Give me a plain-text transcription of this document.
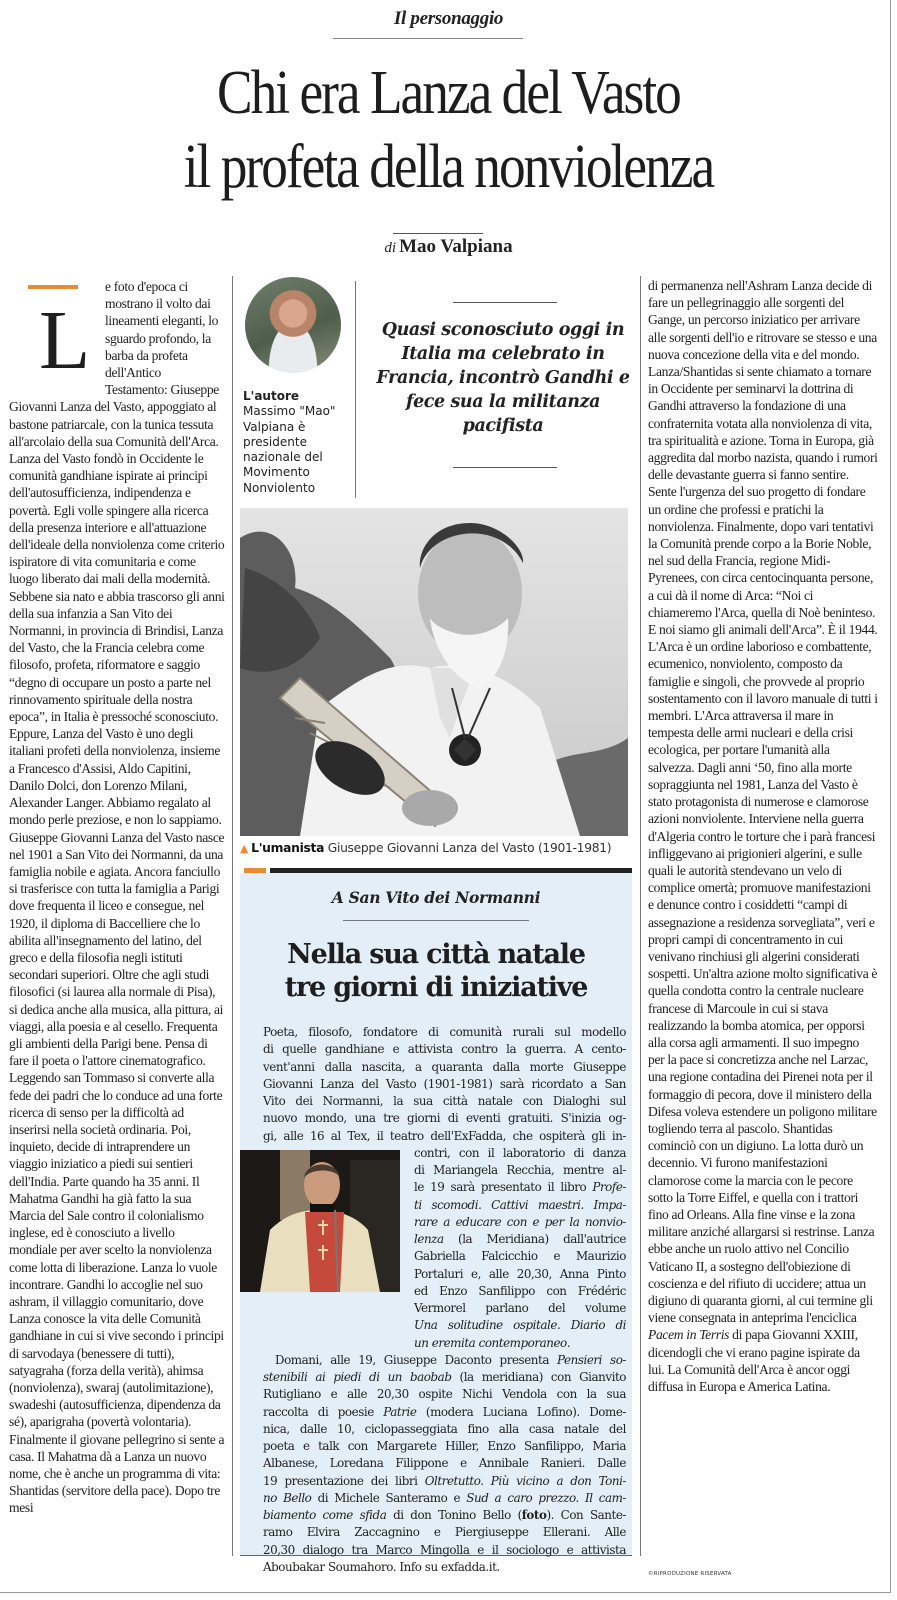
Il personaggio
Chi era Lanza del Vasto
il profeta della nonviolenza
di Mao Valpiana
L

e foto d'epoca ci mostrano il volto dai lineamenti eleganti, lo sguardo profondo, la barba da profeta dell'Antico Testamento: Giuseppe Giovanni Lanza del Vasto, appoggiato al bastone patriarcale, con la tunica tessuta all'arcolaio della sua Comunità dell'Arca. Lanza del Vasto fondò in Occidente le comunità gandhiane ispirate ai principi dell'autosufficienza, indipendenza e povertà. Egli volle spingere alla ricerca della presenza interiore e all'attuazione dell'ideale della nonviolenza come criterio ispiratore di vita comunitaria e come luogo liberato dai mali della modernità. Sebbene sia nato e abbia trascorso gli anni della sua infanzia a San Vito dei Normanni, in provincia di Brindisi, Lanza del Vasto, che la Francia celebra come filosofo, profeta, riformatore e saggio “degno di occupare un posto a parte nel rinnovamento spirituale della nostra epoca”, in Italia è pressoché sconosciuto. Eppure, Lanza del Vasto è uno degli italiani profeti della nonviolenza, insieme a Francesco d'Assisi, Aldo Capitini, Danilo Dolci, don Lorenzo Milani, Alexander Langer. Abbiamo regalato al mondo perle preziose, e non lo sappiamo. Giuseppe Giovanni Lanza del Vasto nasce nel 1901 a San Vito dei Normanni, da una famiglia nobile e agiata. Ancora fanciullo si trasferisce con tutta la famiglia a Parigi dove frequenta il liceo e consegue, nel 1920, il diploma di Baccelliere che lo abilita all'insegnamento del latino, del greco e della filosofia negli istituti secondari superiori. Oltre che agli studi filosofici (si laurea alla normale di Pisa), si dedica anche alla musica, alla pittura, ai viaggi, alla poesia e al cesello. Frequenta gli ambienti della Parigi bene. Pensa di fare il poeta o l'attore cinematografico. Leggendo san Tommaso si converte alla fede dei padri che lo conduce ad una forte ricerca di senso per la difficoltà ad inserirsi nella società ordinaria. Poi, inquieto, decide di intraprendere un viaggio iniziatico a piedi sui sentieri dell'India. Parte quando ha 35 anni. Il Mahatma Gandhi ha già fatto la sua Marcia del Sale contro il colonialismo inglese, ed è conosciuto a livello mondiale per aver scelto la nonviolenza come lotta di liberazione. Lanza lo vuole incontrare. Gandhi lo accoglie nel suo ashram, il villaggio comunitario, dove Lanza conosce la vita delle Comunità gandhiane in cui si vive secondo i principi di sarvodaya (benessere di tutti), satyagraha (forza della verità), ahimsa (nonviolenza), swaraj (autolimitazione), swadeshi (autosufficienza, dipendenza da sé), aparigraha (povertà volontaria). Finalmente il giovane pellegrino si sente a casa. Il Mahatma dà a Lanza un nuovo nome, che è anche un programma di vita: Shantidas (servitore della pace). Dopo tre mesi

L'autore
Massimo "Mao" Valpiana è presidente nazionale del Movimento Nonviolento
Quasi sconosciuto oggi in Italia ma celebrato in Francia, incontrò Gandhi e fece sua la militanza pacifista
▲ L'umanista Giuseppe Giovanni Lanza del Vasto (1901-1981)

di permanenza nell'Ashram Lanza decide di fare un pellegrinaggio alle sorgenti del Gange, un percorso iniziatico per arrivare alle sorgenti dell'io e ritrovare se stesso e una nuova concezione della vita e del mondo. Lanza/Shantidas si sente chiamato a tornare in Occidente per seminarvi la dottrina di Gandhi attraverso la fondazione di una confraternita votata alla nonviolenza di vita, tra spiritualità e azione. Torna in Europa, già aggredita dal morbo nazista, quando i rumori delle devastante guerra si fanno sentire. Sente l'urgenza del suo progetto di fondare un ordine che professi e pratichi la nonviolenza. Finalmente, dopo vari tentativi la Comunità prende corpo a la Borie Noble, nel sud della Francia, regione Midi-Pyrenees, con circa centocinquanta persone, a cui dà il nome di Arca: “Noi ci chiameremo l'Arca, quella di Noè beninteso. E noi siamo gli animali dell'Arca”. È il 1944. L'Arca è un ordine laborioso e combattente, ecumenico, nonviolento, composto da famiglie e singoli, che provvede al proprio sostentamento con il lavoro manuale di tutti i membri. L'Arca attraversa il mare in tempesta delle armi nucleari e della crisi ecologica, per portare l'umanità alla salvezza. Dagli anni ‘50, fino alla morte sopraggiunta nel 1981, Lanza del Vasto è stato protagonista di numerose e clamorose azioni nonviolente. Interviene nella guerra d'Algeria contro le torture che i parà francesi infliggevano ai prigionieri algerini, e sulle quali le autorità stendevano un velo di complice omertà; promuove manifestazioni e denunce contro i cosiddetti “campi di assegnazione a residenza sorvegliata”, veri e propri campi di concentramento in cui venivano rinchiusi gli algerini considerati sospetti. Un'altra azione molto significativa è quella condotta contro la centrale nucleare francese di Marcoule in cui si stava realizzando la bomba atomica, per opporsi alla corsa agli armamenti. Il suo impegno per la pace si concretizza anche nel Larzac, una regione contadina dei Pirenei nota per il formaggio di pecora, dove il ministero della Difesa voleva estendere un poligono militare togliendo terra al pascolo. Shantidas cominciò con un digiuno. La lotta durò un decennio. Vi furono manifestazioni clamorose come la marcia con le pecore sotto la Torre Eiffel, e quella con i trattori fino ad Orleans. Alla fine vinse e la zona militare anziché allargarsi si restrinse. Lanza ebbe anche un ruolo attivo nel Concilio Vaticano II, a sostegno dell'obiezione di coscienza e del rifiuto di uccidere; attua un digiuno di quaranta giorni, al cui termine gli viene consegnata in anteprima l'enciclica Pacem in Terris di papa Giovanni XXIII, dicendogli che vi erano pagine ispirate da lui. La Comunità dell'Arca è ancor oggi diffusa in Europa e America Latina.

©RIPRODUZIONE RISERVATA
A San Vito dei Normanni
Nella sua città natale
tre giorni di iniziative
Poeta, filosofo, fondatore di comunità rurali sul modello
di quelle gandhiane e attivista contro la guerra. A cento-
vent'anni dalla nascita, a quaranta dalla morte Giuseppe
Giovanni Lanza del Vasto (1901-1981) sarà ricordato a San
Vito dei Normanni, la sua città natale con Dialoghi sul
nuovo mondo, una tre giorni di eventi gratuiti. S'inizia og-
gi, alle 16 al Tex, il teatro dell'ExFadda, che ospiterà gli in-
contri, con il laboratorio di danza
di Mariangela Recchia, mentre al-
le 19 sarà presentato il libro Profe-
ti scomodi. Cattivi maestri. Impa-
rare a educare con e per la nonvio-
lenza (la Meridiana) dall'autrice
Gabriella Falcicchio e Maurizio
Portaluri e, alle 20,30, Anna Pinto
ed Enzo Sanfilippo con Frédéric
Vermorel parlano del volume
Una solitudine ospitale. Diario di
un eremita contemporaneo.
Domani, alle 19, Giuseppe Daconto presenta Pensieri so-
stenibili ai piedi di un baobab (la meridiana) con Gianvito
Rutigliano e alle 20,30 ospite Nichi Vendola con la sua
raccolta di poesie Patrie (modera Luciana Lofino). Dome-
nica, dalle 10, ciclopasseggiata fino alla casa natale del
poeta e talk con Margarete Hiller, Enzo Sanfilippo, Maria
Albanese, Loredana Filippone e Annibale Ranieri. Dalle
19 presentazione dei libri Oltretutto. Più vicino a don Toni-
no Bello di Michele Santeramo e Sud a caro prezzo. Il cam-
biamento come sfida di don Tonino Bello (foto). Con Sante-
ramo Elvira Zaccagnino e Piergiuseppe Ellerani. Alle
20,30 dialogo tra Marco Mingolla e il sociologo e attivista
Aboubakar Soumahoro. Info su exfadda.it.
